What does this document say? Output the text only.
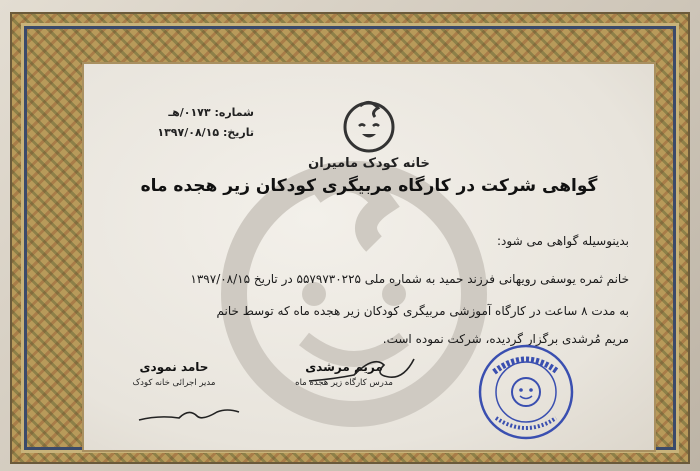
خانه کودک مامیران
شماره: ۰۱۷۳/هـ
تاریخ: ۱۳۹۷/۰۸/۱۵
گواهی شرکت در کارگاه مربیگری کودکان زیر هجده ماه
بدینوسیله گواهی می شود:
خانم ثمره یوسفی رویهانی فرزند حمید به شماره ملی ۵۵۷۹۷۳۰۲۲۵ در تاریخ ۱۳۹۷/۰۸/۱۵
به مدت ۸ ساعت در کارگاه آموزشی مربیگری کودکان زیر هجده ماه که توسط خانم
مریم مُرشدی برگزار گردیده، شرکت نموده است.
حامد نمودی
مدیر اجرائی خانه کودک
مریم مرشدی
مدرس کارگاه زیر هجده ماه
